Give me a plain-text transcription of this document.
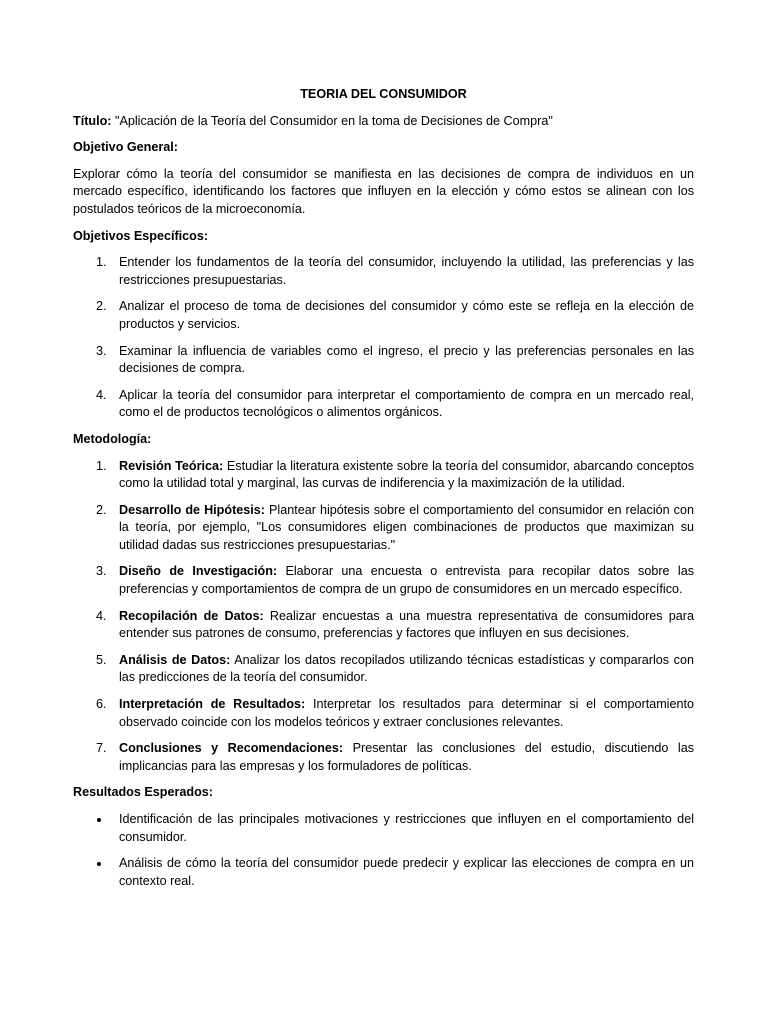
TEORIA DEL CONSUMIDOR
Título: "Aplicación de la Teoría del Consumidor en la toma de Decisiones de Compra"
Objetivo General:
Explorar cómo la teoría del consumidor se manifiesta en las decisiones de compra de individuos en un mercado específico, identificando los factores que influyen en la elección y cómo estos se alinean con los postulados teóricos de la microeconomía.
Objetivos Específicos:
1. Entender los fundamentos de la teoría del consumidor, incluyendo la utilidad, las preferencias y las restricciones presupuestarias.
2. Analizar el proceso de toma de decisiones del consumidor y cómo este se refleja en la elección de productos y servicios.
3. Examinar la influencia de variables como el ingreso, el precio y las preferencias personales en las decisiones de compra.
4. Aplicar la teoría del consumidor para interpretar el comportamiento de compra en un mercado real, como el de productos tecnológicos o alimentos orgánicos.
Metodología:
1. Revisión Teórica: Estudiar la literatura existente sobre la teoría del consumidor, abarcando conceptos como la utilidad total y marginal, las curvas de indiferencia y la maximización de la utilidad.
2. Desarrollo de Hipótesis: Plantear hipótesis sobre el comportamiento del consumidor en relación con la teoría, por ejemplo, "Los consumidores eligen combinaciones de productos que maximizan su utilidad dadas sus restricciones presupuestarias."
3. Diseño de Investigación: Elaborar una encuesta o entrevista para recopilar datos sobre las preferencias y comportamientos de compra de un grupo de consumidores en un mercado específico.
4. Recopilación de Datos: Realizar encuestas a una muestra representativa de consumidores para entender sus patrones de consumo, preferencias y factores que influyen en sus decisiones.
5. Análisis de Datos: Analizar los datos recopilados utilizando técnicas estadísticas y compararlos con las predicciones de la teoría del consumidor.
6. Interpretación de Resultados: Interpretar los resultados para determinar si el comportamiento observado coincide con los modelos teóricos y extraer conclusiones relevantes.
7. Conclusiones y Recomendaciones: Presentar las conclusiones del estudio, discutiendo las implicancias para las empresas y los formuladores de políticas.
Resultados Esperados:
Identificación de las principales motivaciones y restricciones que influyen en el comportamiento del consumidor.
Análisis de cómo la teoría del consumidor puede predecir y explicar las elecciones de compra en un contexto real.
